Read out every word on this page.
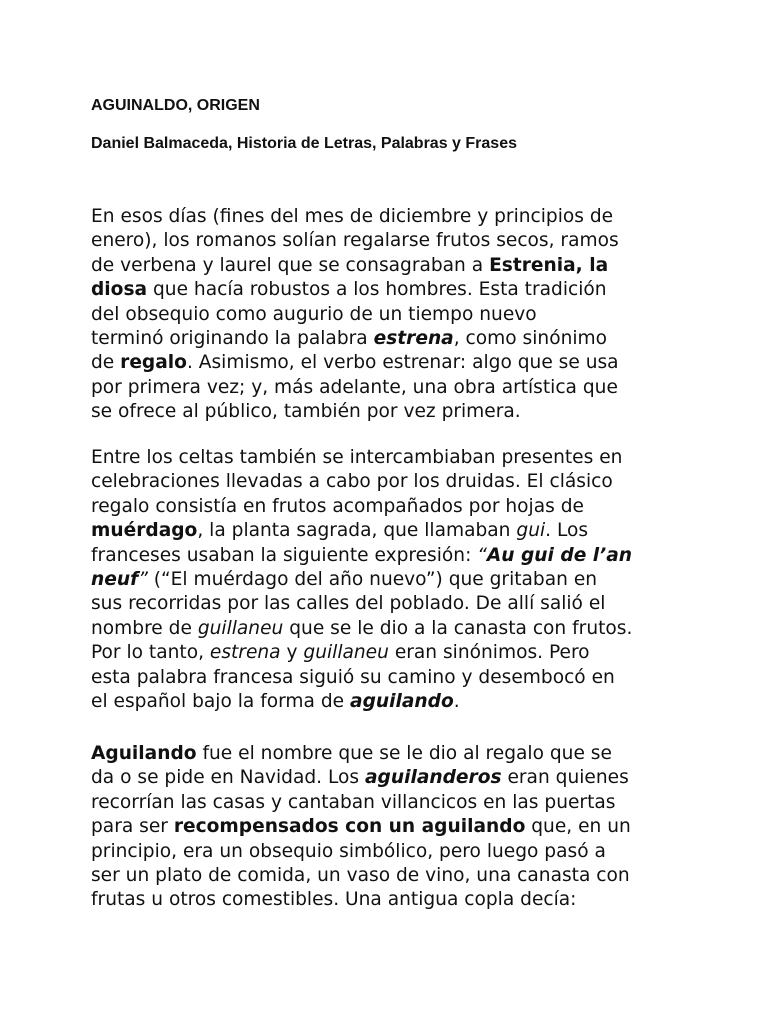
AGUINALDO, ORIGEN
Daniel Balmaceda, Historia de Letras, Palabras y Frases

En esos días (fines del mes de diciembre y principios de
enero), los romanos solían regalarse frutos secos, ramos
de verbena y laurel que se consagraban a Estrenia, la
diosa que hacía robustos a los hombres. Esta tradición
del obsequio como augurio de un tiempo nuevo
terminó originando la palabra estrena, como sinónimo
de regalo. Asimismo, el verbo estrenar: algo que se usa
por primera vez; y, más adelante, una obra artística que
se ofrece al público, también por vez primera.

Entre los celtas también se intercambiaban presentes en
celebraciones llevadas a cabo por los druidas. El clásico
regalo consistía en frutos acompañados por hojas de
muérdago, la planta sagrada, que llamaban gui. Los
franceses usaban la siguiente expresión: “Au gui de l’an
neuf” (“El muérdago del año nuevo”) que gritaban en
sus recorridas por las calles del poblado. De allí salió el
nombre de guillaneu que se le dio a la canasta con frutos.
Por lo tanto, estrena y guillaneu eran sinónimos. Pero
esta palabra francesa siguió su camino y desembocó en
el español bajo la forma de aguilando.

Aguilando fue el nombre que se le dio al regalo que se
da o se pide en Navidad. Los aguilanderos eran quienes
recorrían las casas y cantaban villancicos en las puertas
para ser recompensados con un aguilando que, en un
principio, era un obsequio simbólico, pero luego pasó a
ser un plato de comida, un vaso de vino, una canasta con
frutas u otros comestibles. Una antigua copla decía:
